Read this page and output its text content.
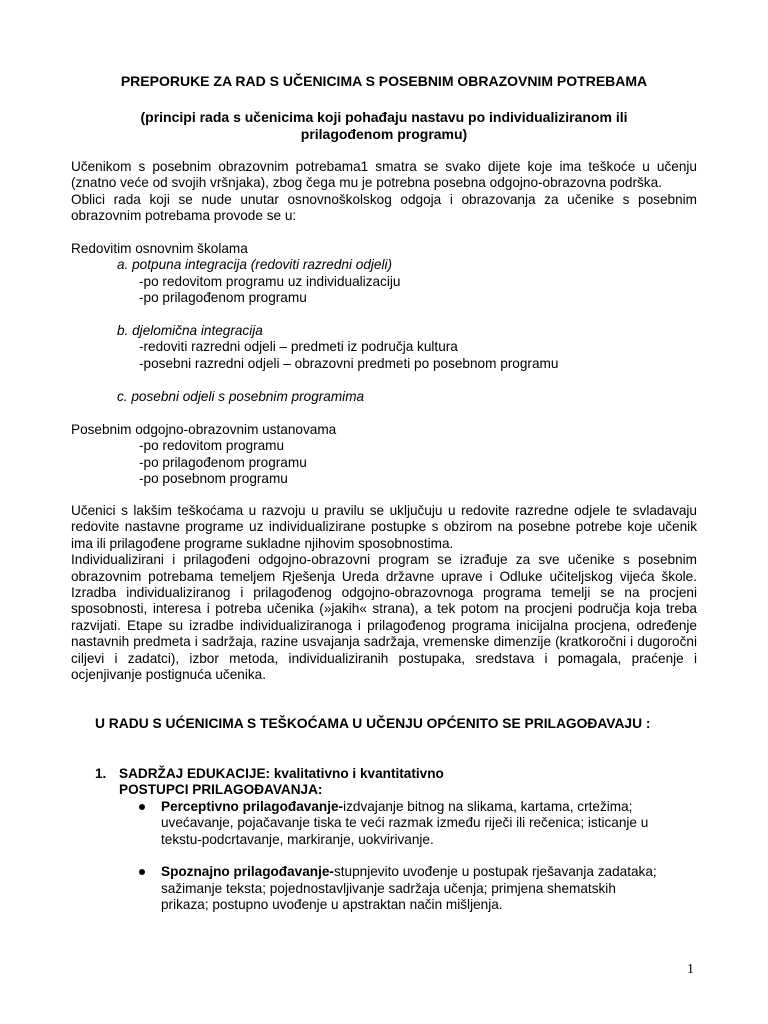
PREPORUKE ZA RAD S UČENICIMA S POSEBNIM OBRAZOVNIM POTREBAMA
(principi rada s učenicima koji pohađaju nastavu po individualiziranom ili
prilagođenom programu)

Učenikom s posebnim obrazovnim potrebama1 smatra se svako dijete koje ima teškoće u učenju (znatno veće od svojih vršnjaka), zbog čega mu je potrebna posebna odgojno-obrazovna podrška.

Oblici rada koji se nude unutar osnovnoškolskog odgoja i obrazovanja za učenike s posebnim obrazovnim potrebama provode se u:

Redovitim osnovnim školama
a. potpuna integracija (redoviti razredni odjeli)
-po redovitom programu uz individualizaciju
-po prilagođenom programu
b. djelomična integracija
-redoviti razredni odjeli – predmeti iz područja kultura
-posebni razredni odjeli – obrazovni predmeti po posebnom programu
c. posebni odjeli s posebnim programima
Posebnim odgojno-obrazovnim ustanovama
-po redovitom programu
-po prilagođenom programu
-po posebnom programu

Učenici s lakšim teškoćama u razvoju u pravilu se uključuju u redovite razredne odjele te svladavaju redovite nastavne programe uz individualizirane postupke s obzirom na posebne potrebe koje učenik ima ili prilagođene programe sukladne njihovim sposobnostima.

Individualizirani i prilagođeni odgojno-obrazovni program se izrađuje za sve učenike s posebnim obrazovnim potrebama temeljem Rješenja Ureda državne uprave i Odluke učiteljskog vijeća škole. Izradba individualiziranog i prilagođenog odgojno-obrazovnoga programa temelji se na procjeni sposobnosti, interesa i potreba učenika (»jakih« strana), a tek potom na procjeni područja koja treba razvijati. Etape su izradbe individualiziranoga i prilagođenog programa inicijalna procjena, određenje nastavnih predmeta i sadržaja, razine usvajanja sadržaja, vremenske dimenzije (kratkoročni i dugoročni ciljevi i zadatci), izbor metoda, individualiziranih postupaka, sredstava i pomagala, praćenje i ocjenjivanje postignuća učenika.

U RADU S UĆENICIMA S TEŠKOĆAMA U UČENJU OPĆENITO SE PRILAGOĐAVAJU :
1. SADRŽAJ EDUKACIJE: kvalitativno i kvantitativno
POSTUPCI PRILAGOĐAVANJA:
Perceptivno prilagođavanje-izdvajanje bitnog na slikama, kartama, crtežima; uvećavanje, pojačavanje tiska te veći razmak između riječi ili rečenica; isticanje u tekstu-podcrtavanje, markiranje, uokvirivanje.
Spoznajno prilagođavanje-stupnjevito uvođenje u postupak rješavanja zadataka; sažimanje teksta; pojednostavljivanje sadržaja učenja; primjena shematskih prikaza; postupno uvođenje u apstraktan način mišljenja.
1
